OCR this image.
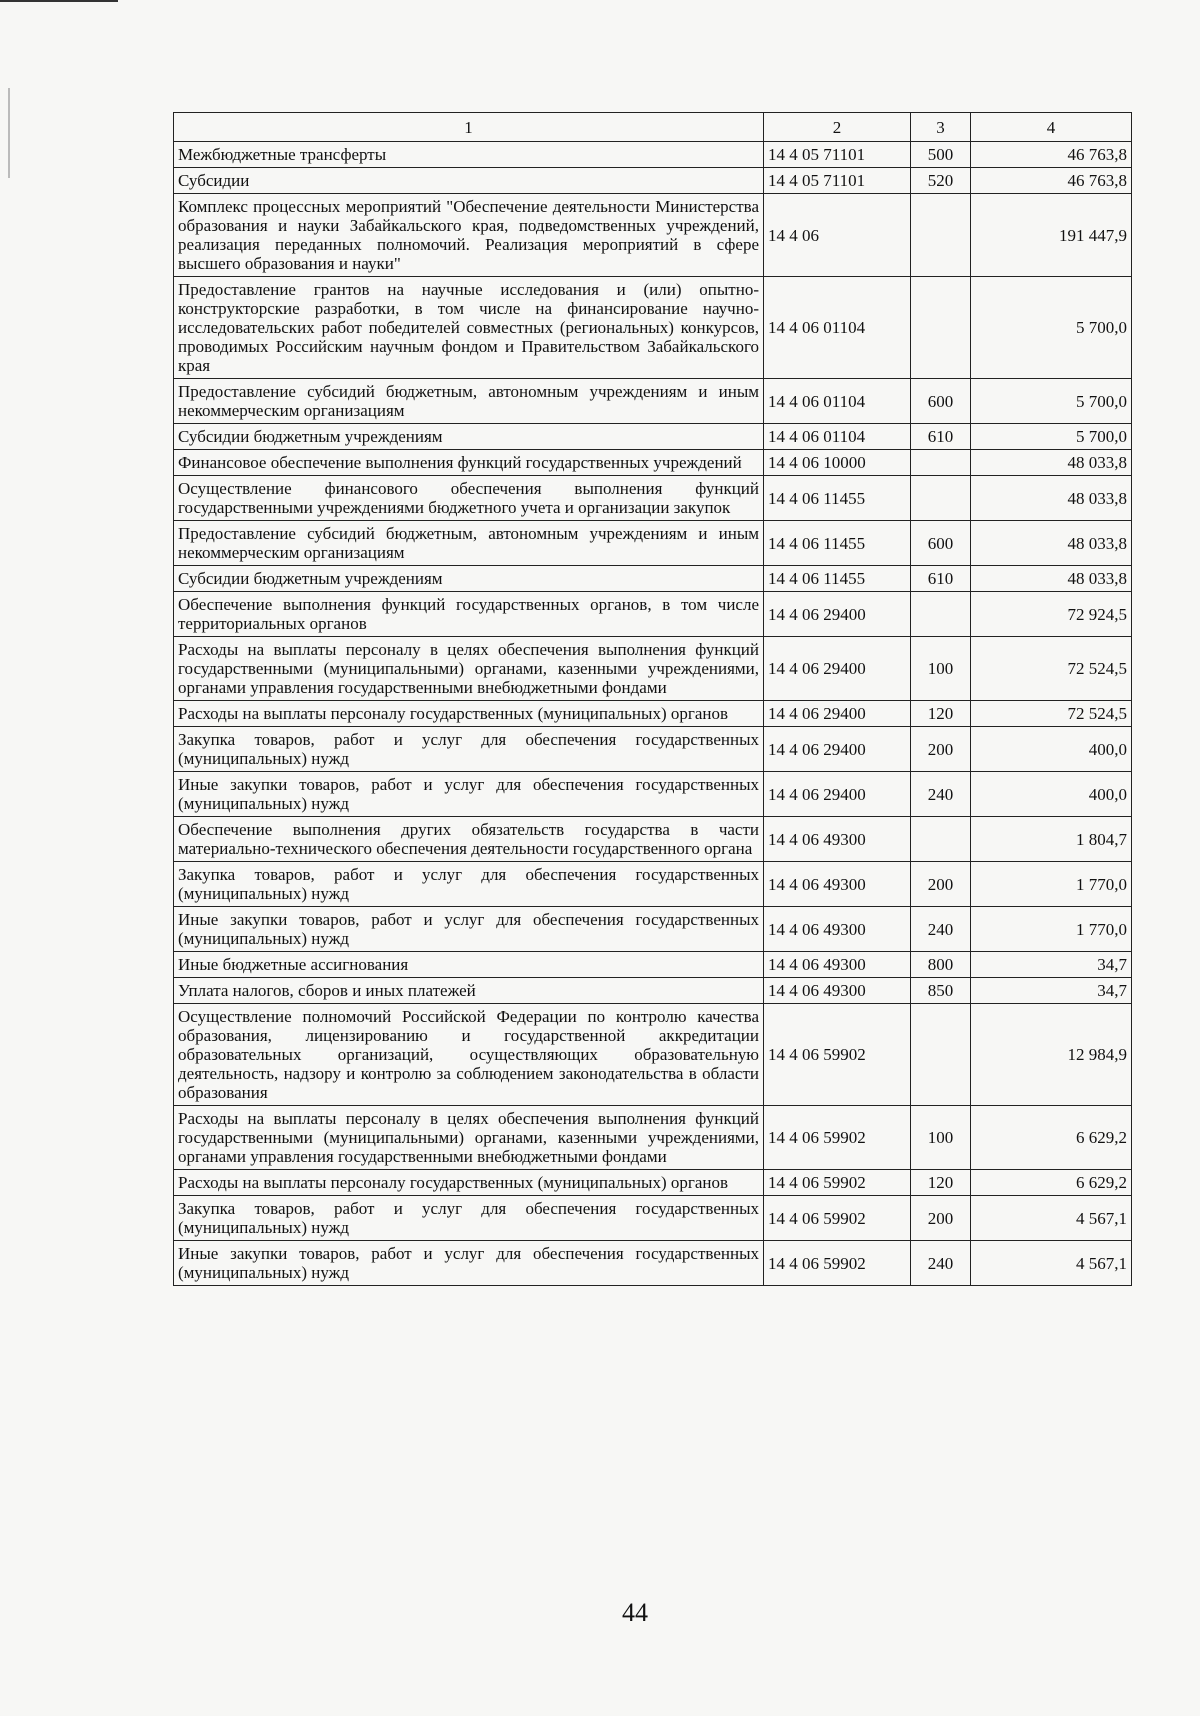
1	2	3	4
Межбюджетные трансферты	14 4 05 71101	500	46 763,8
Субсидии	14 4 05 71101	520	46 763,8
Комплекс процессных мероприятий "Обеспечение деятельности Министерства образования и науки Забайкальского края, подведомственных учреждений, реализация переданных полномочий. Реализация мероприятий в сфере высшего образования и науки"	14 4 06		191 447,9
Предоставление грантов на научные исследования и (или) опытно-конструкторские разработки, в том числе на финансирование научно-исследовательских работ победителей совместных (региональных) конкурсов, проводимых Российским научным фондом и Правительством Забайкальского края	14 4 06 01104		5 700,0
Предоставление субсидий бюджетным, автономным учреждениям и иным некоммерческим организациям	14 4 06 01104	600	5 700,0
Субсидии бюджетным учреждениям	14 4 06 01104	610	5 700,0
Финансовое обеспечение выполнения функций государственных учреждений	14 4 06 10000		48 033,8
Осуществление финансового обеспечения выполнения функций государственными учреждениями бюджетного учета и организации закупок	14 4 06 11455		48 033,8
Предоставление субсидий бюджетным, автономным учреждениям и иным некоммерческим организациям	14 4 06 11455	600	48 033,8
Субсидии бюджетным учреждениям	14 4 06 11455	610	48 033,8
Обеспечение выполнения функций государственных органов, в том числе территориальных органов	14 4 06 29400		72 924,5
Расходы на выплаты персоналу в целях обеспечения выполнения функций государственными (муниципальными) органами, казенными учреждениями, органами управления государственными внебюджетными фондами	14 4 06 29400	100	72 524,5
Расходы на выплаты персоналу государственных (муниципальных) органов	14 4 06 29400	120	72 524,5
Закупка товаров, работ и услуг для обеспечения государственных (муниципальных) нужд	14 4 06 29400	200	400,0
Иные закупки товаров, работ и услуг для обеспечения государственных (муниципальных) нужд	14 4 06 29400	240	400,0
Обеспечение выполнения других обязательств государства в части материально-технического обеспечения деятельности государственного органа	14 4 06 49300		1 804,7
Закупка товаров, работ и услуг для обеспечения государственных (муниципальных) нужд	14 4 06 49300	200	1 770,0
Иные закупки товаров, работ и услуг для обеспечения государственных (муниципальных) нужд	14 4 06 49300	240	1 770,0
Иные бюджетные ассигнования	14 4 06 49300	800	34,7
Уплата налогов, сборов и иных платежей	14 4 06 49300	850	34,7
Осуществление полномочий Российской Федерации по контролю качества образования, лицензированию и государственной аккредитации образовательных организаций, осуществляющих образовательную деятельность, надзору и контролю за соблюдением законодательства в области образования	14 4 06 59902		12 984,9
Расходы на выплаты персоналу в целях обеспечения выполнения функций государственными (муниципальными) органами, казенными учреждениями, органами управления государственными внебюджетными фондами	14 4 06 59902	100	6 629,2
Расходы на выплаты персоналу государственных (муниципальных) органов	14 4 06 59902	120	6 629,2
Закупка товаров, работ и услуг для обеспечения государственных (муниципальных) нужд	14 4 06 59902	200	4 567,1
Иные закупки товаров, работ и услуг для обеспечения государственных (муниципальных) нужд	14 4 06 59902	240	4 567,1
44
